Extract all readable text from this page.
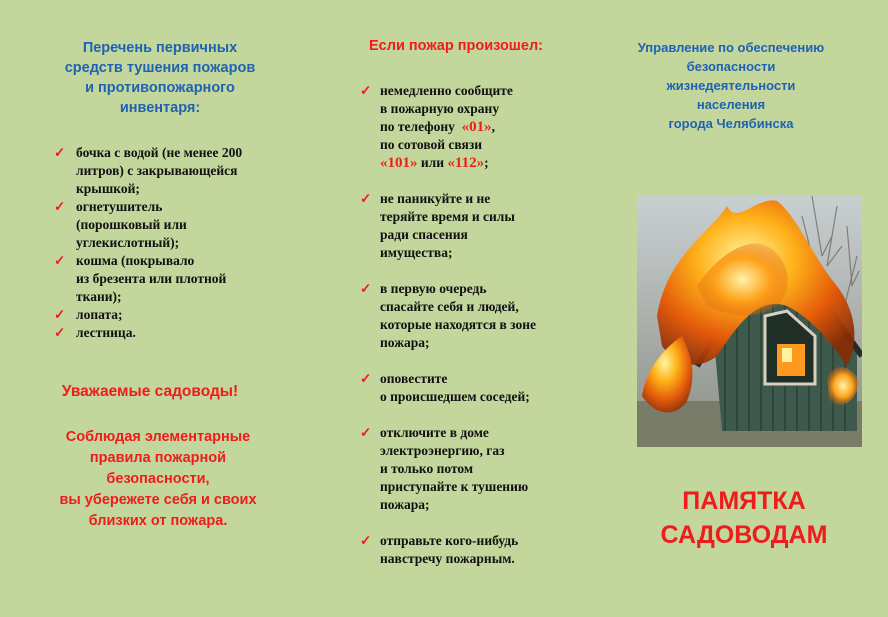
Перечень первичных
средств тушения пожаров
и противопожарного
инвентаря:
✓ бочка с водой (не менее 200
литров) с закрывающейся
крышкой;
✓ огнетушитель
(порошковый или
углекислотный);
✓ кошма (покрывало
из брезента или плотной
ткани);
✓ лопата;
✓ лестница.
Уважаемые садоводы!
Соблюдая элементарные
правила пожарной
безопасности,
вы убережете себя и своих
близких от пожара.
Если пожар произошел:
✓ немедленно сообщите
в пожарную охрану
по телефону «01»,
по сотовой связи
«101» или «112»;
✓ не паникуйте и не
теряйте время и силы
ради спасения
имущества;
✓ в первую очередь
спасайте себя и людей,
которые находятся в зоне
пожара;
✓ оповестите
о происшедшем соседей;
✓ отключите в доме
электроэнергию, газ
и только потом
приступайте к тушению
пожара;
✓ отправьте кого-нибудь
навстречу пожарным.
Управление по обеспечению
безопасности
жизнедеятельности
населения
города Челябинска
ПАМЯТКА
САДОВОДАМ
